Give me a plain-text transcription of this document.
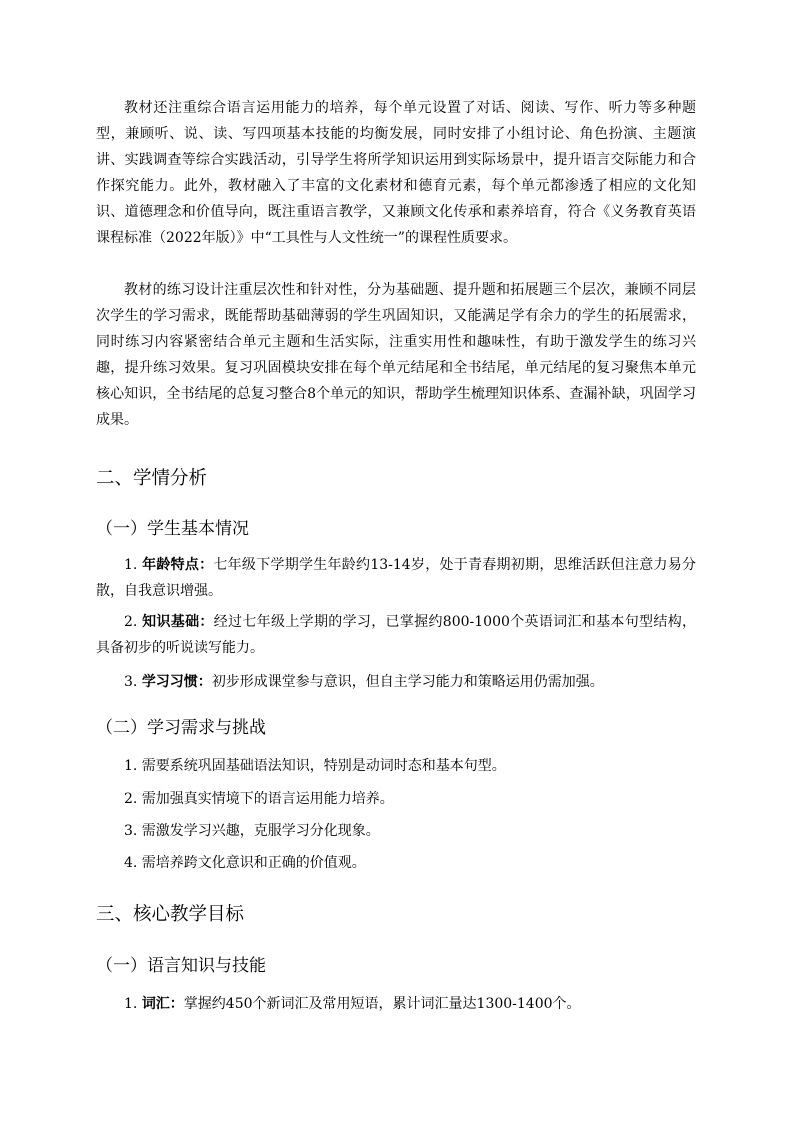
教材还注重综合语言运用能力的培养，每个单元设置了对话、阅读、写作、听力等多种题型，兼顾听、说、读、写四项基本技能的均衡发展，同时安排了小组讨论、角色扮演、主题演讲、实践调查等综合实践活动，引导学生将所学知识运用到实际场景中，提升语言交际能力和合作探究能力。此外，教材融入了丰富的文化素材和德育元素，每个单元都渗透了相应的文化知识、道德理念和价值导向，既注重语言教学，又兼顾文化传承和素养培育，符合《义务教育英语课程标准（2022年版）》中“工具性与人文性统一”的课程性质要求。

教材的练习设计注重层次性和针对性，分为基础题、提升题和拓展题三个层次，兼顾不同层次学生的学习需求，既能帮助基础薄弱的学生巩固知识，又能满足学有余力的学生的拓展需求，同时练习内容紧密结合单元主题和生活实际，注重实用性和趣味性，有助于激发学生的练习兴趣，提升练习效果。复习巩固模块安排在每个单元结尾和全书结尾，单元结尾的复习聚焦本单元核心知识，全书结尾的总复习整合8个单元的知识，帮助学生梳理知识体系、查漏补缺，巩固学习成果。

二、学情分析
（一）学生基本情况

1. 年龄特点：七年级下学期学生年龄约13-14岁，处于青春期初期，思维活跃但注意力易分散，自我意识增强。

2. 知识基础：经过七年级上学期的学习，已掌握约800-1000个英语词汇和基本句型结构，具备初步的听说读写能力。

3. 学习习惯：初步形成课堂参与意识，但自主学习能力和策略运用仍需加强。

（二）学习需求与挑战

1. 需要系统巩固基础语法知识，特别是动词时态和基本句型。

2. 需加强真实情境下的语言运用能力培养。

3. 需激发学习兴趣，克服学习分化现象。

4. 需培养跨文化意识和正确的价值观。

三、核心教学目标
（一）语言知识与技能

1. 词汇：掌握约450个新词汇及常用短语，累计词汇量达1300-1400个。
